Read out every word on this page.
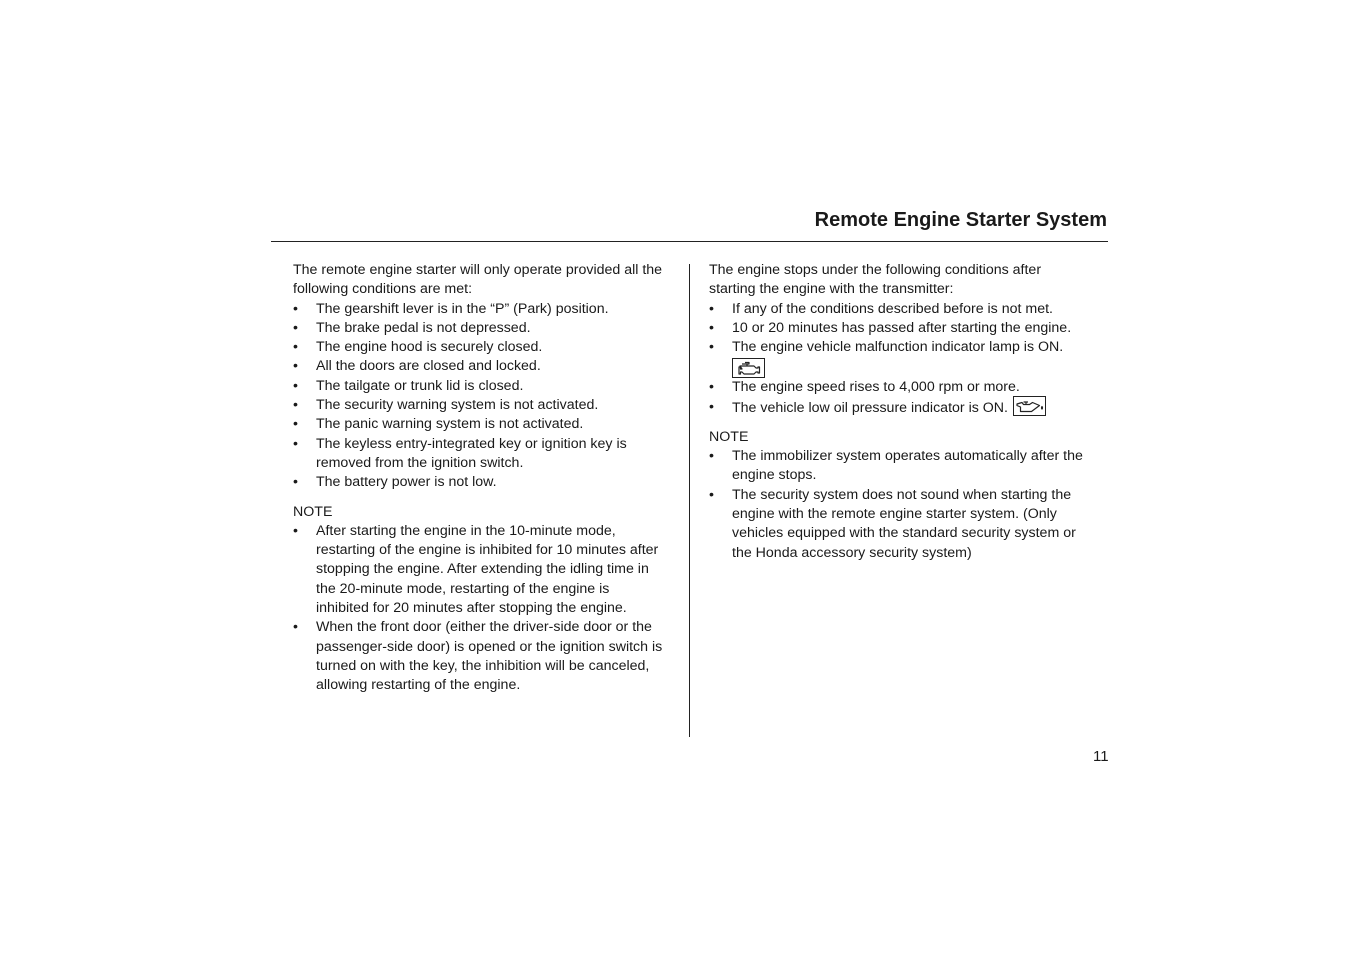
Remote Engine Starter System

The remote engine starter will only operate provided all the following conditions are met:

• The gearshift lever is in the “P” (Park) position.
• The brake pedal is not depressed.
• The engine hood is securely closed.
• All the doors are closed and locked.
• The tailgate or trunk lid is closed.
• The security warning system is not activated.
• The panic warning system is not activated.
• The keyless entry-integrated key or ignition key is removed from the ignition switch.
• The battery power is not low.

NOTE

• After starting the engine in the 10-minute mode, restarting of the engine is inhibited for 10 minutes after stopping the engine. After extending the idling time in the 20-minute mode, restarting of the engine is inhibited for 20 minutes after stopping the engine.
• When the front door (either the driver-side door or the passenger-side door) is opened or the ignition switch is turned on with the key, the inhibition will be canceled, allowing restarting of the engine.

The engine stops under the following conditions after starting the engine with the transmitter:

• If any of the conditions described before is not met.
• 10 or 20 minutes has passed after starting the engine.
• The engine vehicle malfunction indicator lamp is ON.
• The engine speed rises to 4,000 rpm or more.
• The vehicle low oil pressure indicator is ON.

NOTE

• The immobilizer system operates automatically after the engine stops.
• The security system does not sound when starting the engine with the remote engine starter system. (Only vehicles equipped with the standard security system or the Honda accessory security system)
11
